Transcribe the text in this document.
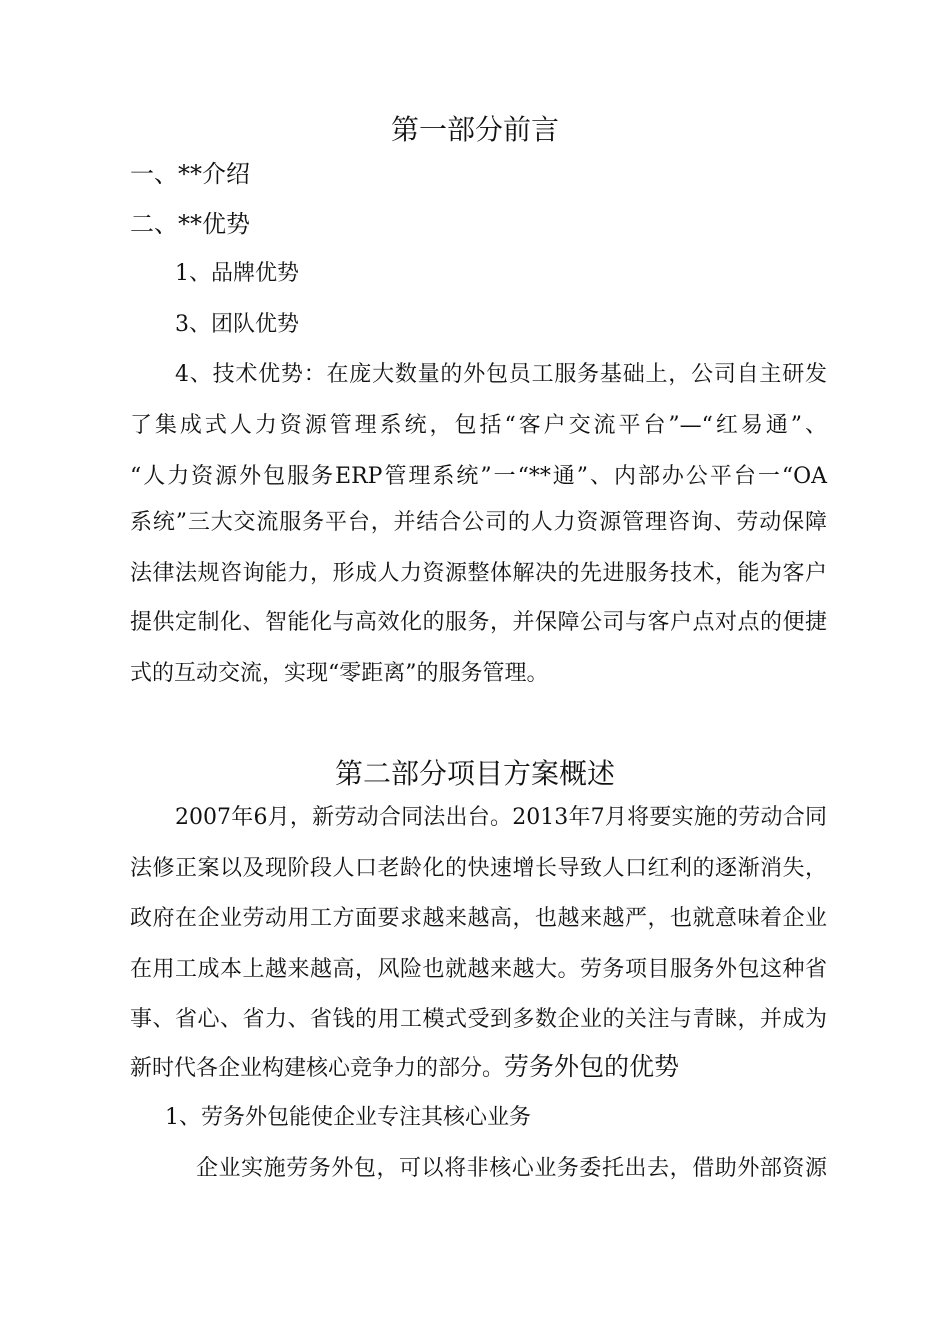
第一部分前言
一、**介绍
二、**优势
1、品牌优势
3、团队优势
4、技术优势：在庞大数量的外包员工服务基础上，公司自主研发
了集成式人力资源管理系统，包括“客户交流平台”—“红易通”、
“人力资源外包服务ERP管理系统”一“**通”、内部办公平台一“OA
系统”三大交流服务平台，并结合公司的人力资源管理咨询、劳动保障
法律法规咨询能力，形成人力资源整体解决的先进服务技术，能为客户
提供定制化、智能化与高效化的服务，并保障公司与客户点对点的便捷
式的互动交流，实现“零距离”的服务管理。
第二部分项目方案概述
2007年6月，新劳动合同法出台。2013年7月将要实施的劳动合同
法修正案以及现阶段人口老龄化的快速增长导致人口红利的逐渐消失，
政府在企业劳动用工方面要求越来越高，也越来越严，也就意味着企业
在用工成本上越来越高，风险也就越来越大。劳务项目服务外包这种省
事、省心、省力、省钱的用工模式受到多数企业的关注与青睐，并成为
新时代各企业构建核心竞争力的部分。劳务外包的优势
1、劳务外包能使企业专注其核心业务
企业实施劳务外包，可以将非核心业务委托出去，借助外部资源
